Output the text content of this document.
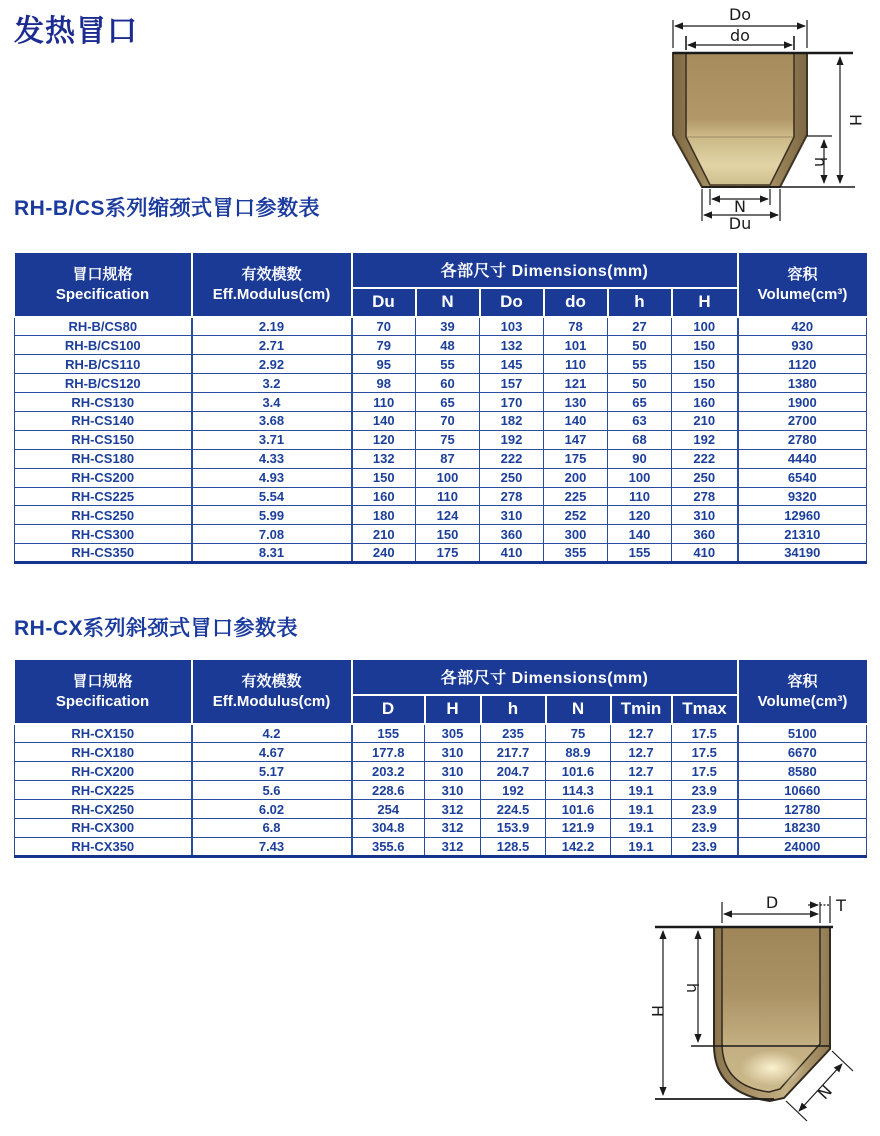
发热冒口
Do
do
H
h
N
Du
RH-B/CS系列缩颈式冒口参数表
冒口规格
Specification

有效模数
Eff.Modulus(cm)
	各部尺寸 Dimensions(mm)	容积
Volume(cm³)

		Du	N	Do	do	h	H	
RH-B/CS80	2.19	70	39	103	78	27	100	420
RH-B/CS100	2.71	79	48	132	101	50	150	930
RH-B/CS110	2.92	95	55	145	110	55	150	1120
RH-B/CS120	3.2	98	60	157	121	50	150	1380
RH-CS130	3.4	110	65	170	130	65	160	1900
RH-CS140	3.68	140	70	182	140	63	210	2700
RH-CS150	3.71	120	75	192	147	68	192	2780
RH-CS180	4.33	132	87	222	175	90	222	4440
RH-CS200	4.93	150	100	250	200	100	250	6540
RH-CS225	5.54	160	110	278	225	110	278	9320
RH-CS250	5.99	180	124	310	252	120	310	12960
RH-CS300	7.08	210	150	360	300	140	360	21310
RH-CS350	8.31	240	175	410	355	155	410	34190
RH-CX系列斜颈式冒口参数表
冒口规格
Specification

有效模数
Eff.Modulus(cm)
	各部尺寸 Dimensions(mm)	容积
Volume(cm³)

		D	H	h	N	Tmin	Tmax	
RH-CX150	4.2	155	305	235	75	12.7	17.5	5100
RH-CX180	4.67	177.8	310	217.7	88.9	12.7	17.5	6670
RH-CX200	5.17	203.2	310	204.7	101.6	12.7	17.5	8580
RH-CX225	5.6	228.6	310	192	114.3	19.1	23.9	10660
RH-CX250	6.02	254	312	224.5	101.6	19.1	23.9	12780
RH-CX300	6.8	304.8	312	153.9	121.9	19.1	23.9	18230
RH-CX350	7.43	355.6	312	128.5	142.2	19.1	23.9	24000
D	T
H
h
N
